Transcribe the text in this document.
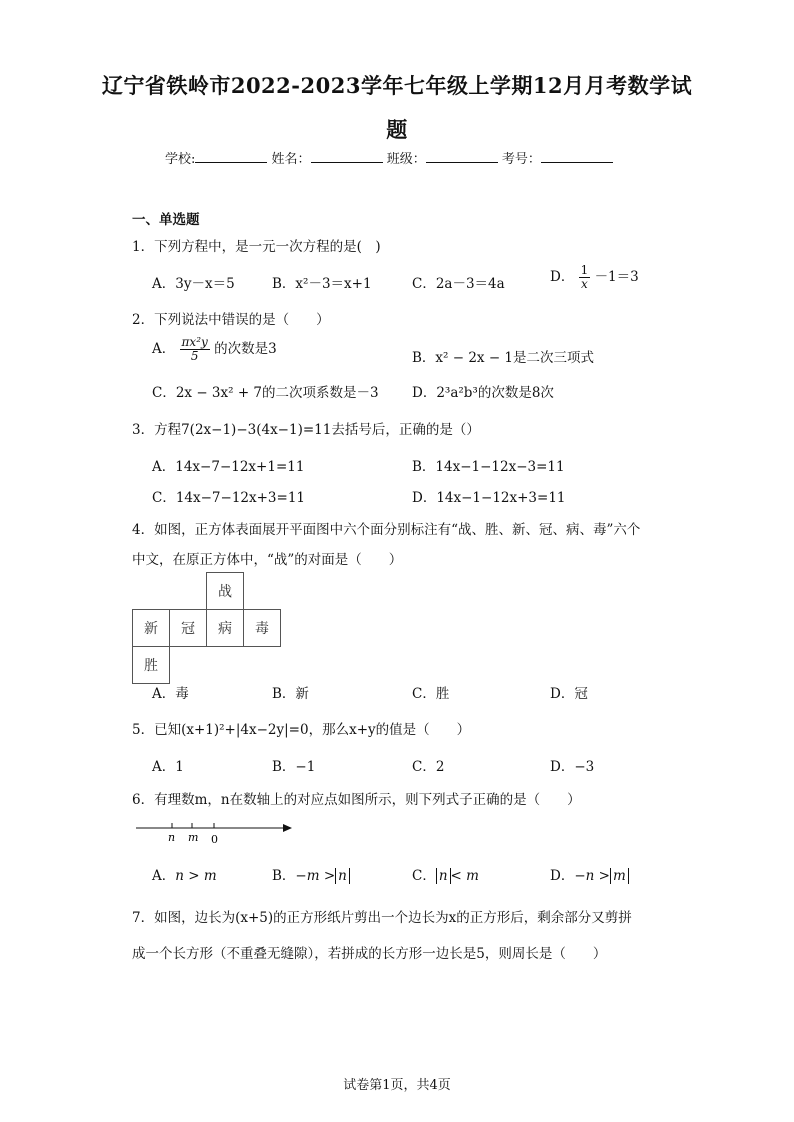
辽宁省铁岭市2022-2023学年七年级上学期12月月考数学试
题
学校:	姓名：	班级：	考号：
一、单选题
1．下列方程中，是一元一次方程的是(　)
A．3y－x＝5	B．x²－3＝x+1	C．2a－3＝4a	D． $\frac{1}{x} -1=3$
2．下列说法中错误的是（　　）
A． $\frac{\text{πx²y}}{5}$ 的次数是3
B．x² − 2x − 1是二次三项式
C．2x − 3x² + 7的二次项系数是－3 D．2³a²b³的次数是8次
3．方程7(2x−1)−3(4x−1)=11去括号后，正确的是（）
A．14x−7−12x+1=11	B．14x−1−12x−3=11
C．14x−7−12x+3=11	D．14x−1−12x+3=11
4．如图，正方体表面展开平面图中六个面分别标注有“战、胜、新、冠、病、毒”六个
中文，在原正方体中，“战”的对面是（　　）
		战	
新	冠	病	毒
胜			
A．毒	B．新	C．胜	D．冠
5．已知(x+1)²+|4x−2y|=0，那么x+y的值是（　　）
A．1	B．−1	C．2	D．−3
6．有理数m，n在数轴上的对应点如图所示，则下列式子正确的是（　　）
n m 0
A．n > m	B．−m > n	C． n < m	D．−n > m
7．如图，边长为(x+5)的正方形纸片剪出一个边长为x的正方形后，剩余部分又剪拼
成一个长方形（不重叠无缝隙），若拼成的长方形一边长是5，则周长是（　　）
试卷第1页，共4页
